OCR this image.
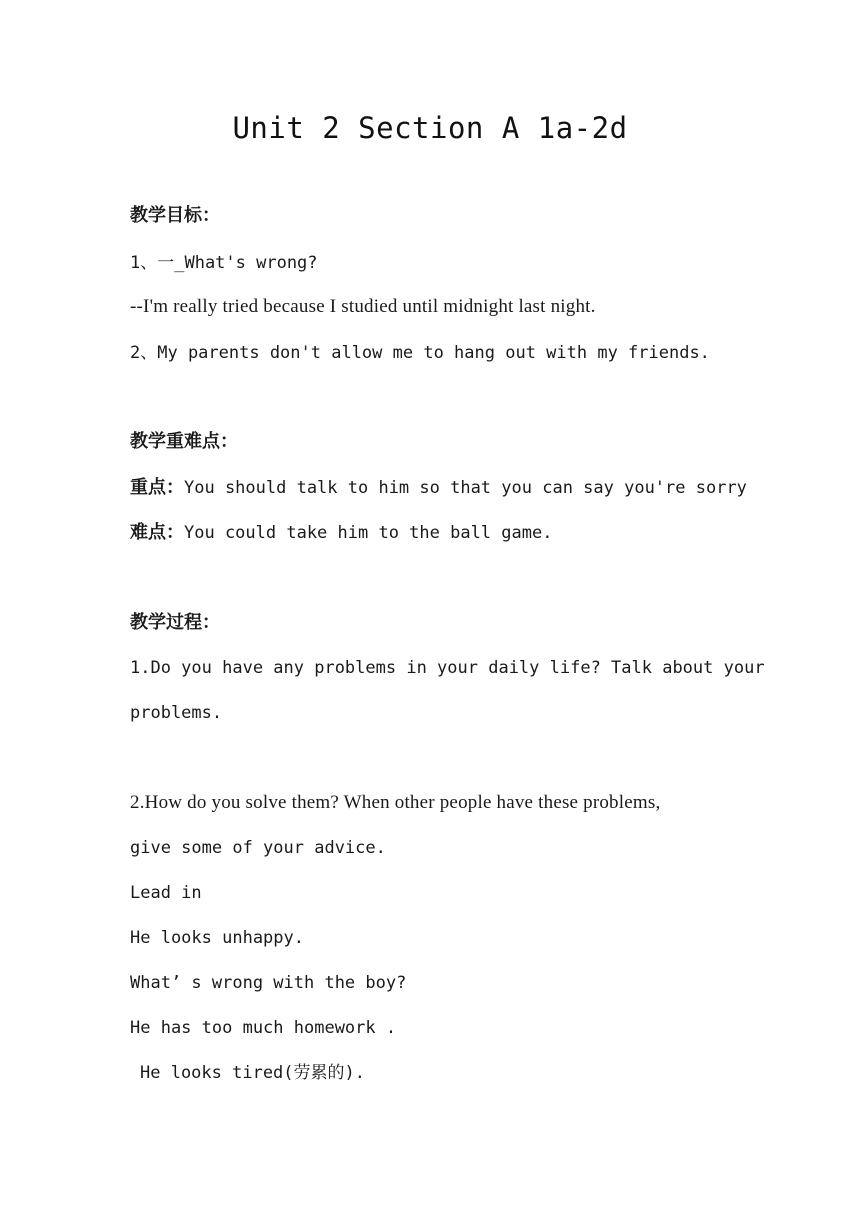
Unit 2 Section A 1a-2d
教学目标：
1、一_What's wrong?
--I'm really tried because I studied until midnight last night.
2、My parents don't allow me to hang out with my friends.
教学重难点：
重点：You should talk to him so that you can say you're sorry
难点：You could take him to the ball game.
教学过程：
1.Do you have any problems in your daily life? Talk about your
problems.
2.How do you solve them? When other people have these problems,
give some of your advice.
Lead in
He looks unhappy.
What’ s wrong with the boy?
He has too much homework .
He looks tired(劳累的).
